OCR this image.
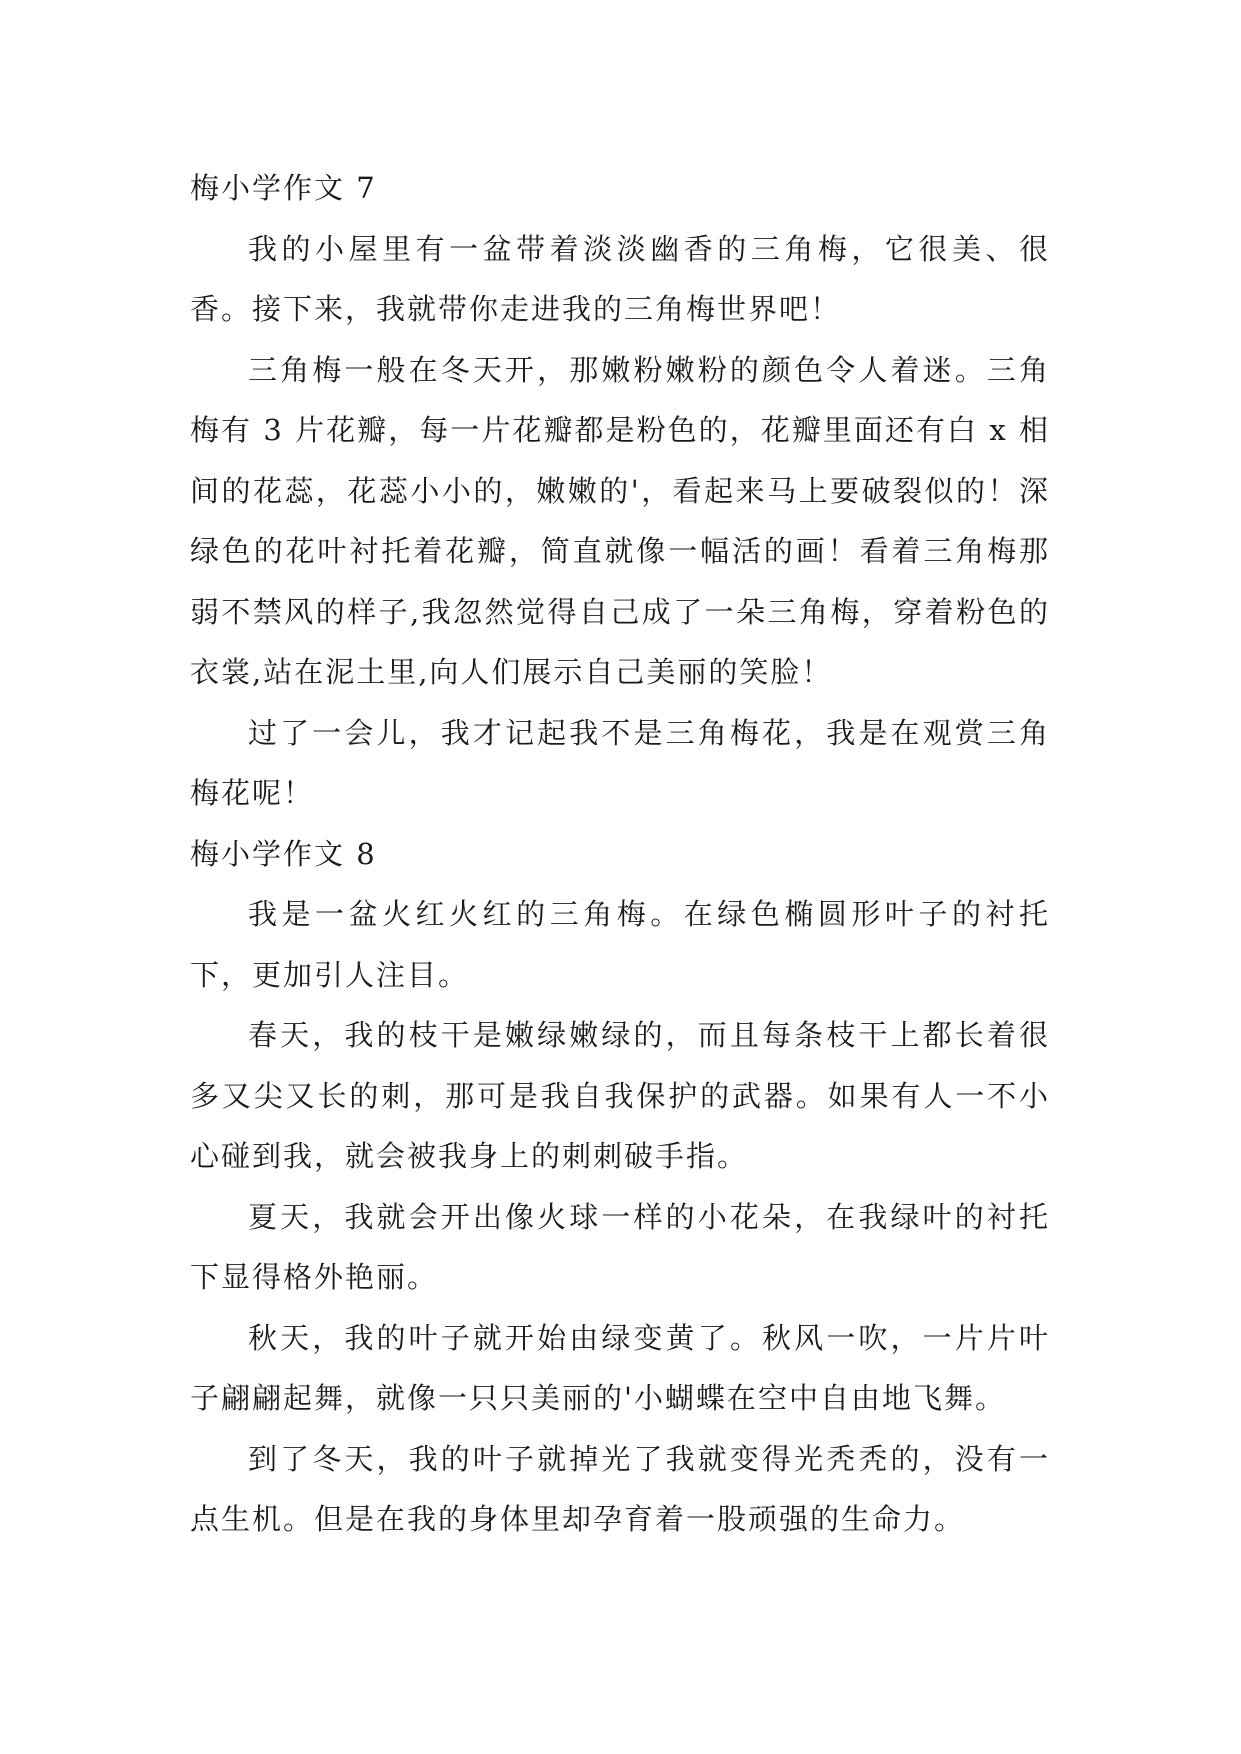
梅小学作文 7

我的小屋里有一盆带着淡淡幽香的三角梅，它很美、很香。接下来，我就带你走进我的三角梅世界吧！

三角梅一般在冬天开，那嫩粉嫩粉的颜色令人着迷。三角梅有 3 片花瓣，每一片花瓣都是粉色的，花瓣里面还有白 x 相间的花蕊，花蕊小小的，嫩嫩的'，看起来马上要破裂似的！深绿色的花叶衬托着花瓣，简直就像一幅活的画！看着三角梅那弱不禁风的样子,我忽然觉得自己成了一朵三角梅，穿着粉色的衣裳,站在泥土里,向人们展示自己美丽的笑脸！

过了一会儿，我才记起我不是三角梅花，我是在观赏三角梅花呢！

梅小学作文 8

我是一盆火红火红的三角梅。在绿色椭圆形叶子的衬托下，更加引人注目。

春天，我的枝干是嫩绿嫩绿的，而且每条枝干上都长着很多又尖又长的刺，那可是我自我保护的武器。如果有人一不小心碰到我，就会被我身上的刺刺破手指。

夏天，我就会开出像火球一样的小花朵，在我绿叶的衬托下显得格外艳丽。

秋天，我的叶子就开始由绿变黄了。秋风一吹，一片片叶子翩翩起舞，就像一只只美丽的'小蝴蝶在空中自由地飞舞。

到了冬天，我的叶子就掉光了我就变得光秃秃的，没有一点生机。但是在我的身体里却孕育着一股顽强的生命力。
